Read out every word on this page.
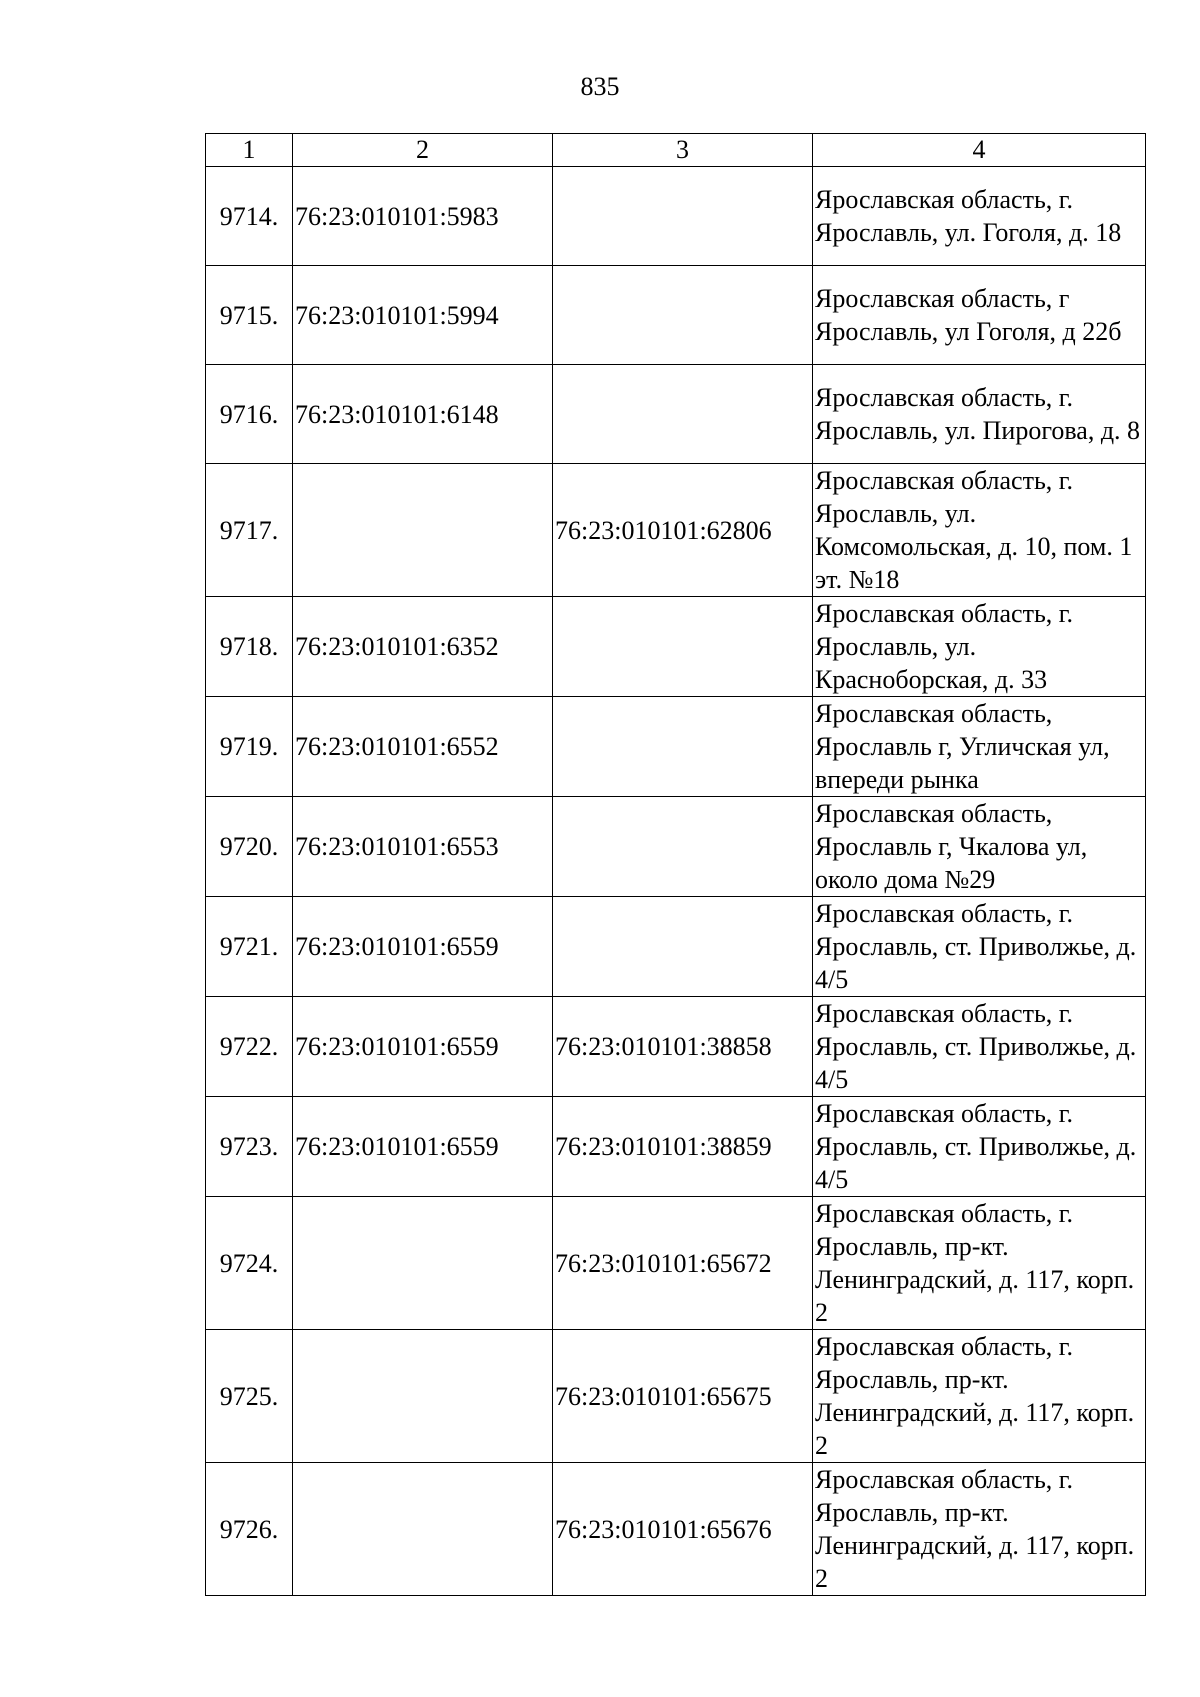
835
1	2	3	4
9714.	76:23:010101:5983		Ярославская область, г. Ярославль, ул. Гоголя, д. 18
9715.	76:23:010101:5994		Ярославская область, г Ярославль, ул Гоголя, д 22б
9716.	76:23:010101:6148		Ярославская область, г. Ярославль, ул. Пирогова, д. 8
9717.		76:23:010101:62806	Ярославская область, г. Ярославль, ул. Комсомольская, д. 10, пом. 1 эт. №18
9718.	76:23:010101:6352		Ярославская область, г. Ярославль, ул. Красноборская, д. 33
9719.	76:23:010101:6552		Ярославская область, Ярославль г, Угличская ул, впереди рынка
9720.	76:23:010101:6553		Ярославская область, Ярославль г, Чкалова ул, около дома №29
9721.	76:23:010101:6559		Ярославская область, г. Ярославль, ст. Приволжье, д. 4/5
9722.	76:23:010101:6559	76:23:010101:38858	Ярославская область, г. Ярославль, ст. Приволжье, д. 4/5
9723.	76:23:010101:6559	76:23:010101:38859	Ярославская область, г. Ярославль, ст. Приволжье, д. 4/5
9724.		76:23:010101:65672	Ярославская область, г. Ярославль, пр-кт. Ленинградский, д. 117, корп. 2
9725.		76:23:010101:65675	Ярославская область, г. Ярославль, пр-кт. Ленинградский, д. 117, корп. 2
9726.		76:23:010101:65676	Ярославская область, г. Ярославль, пр-кт. Ленинградский, д. 117, корп. 2
